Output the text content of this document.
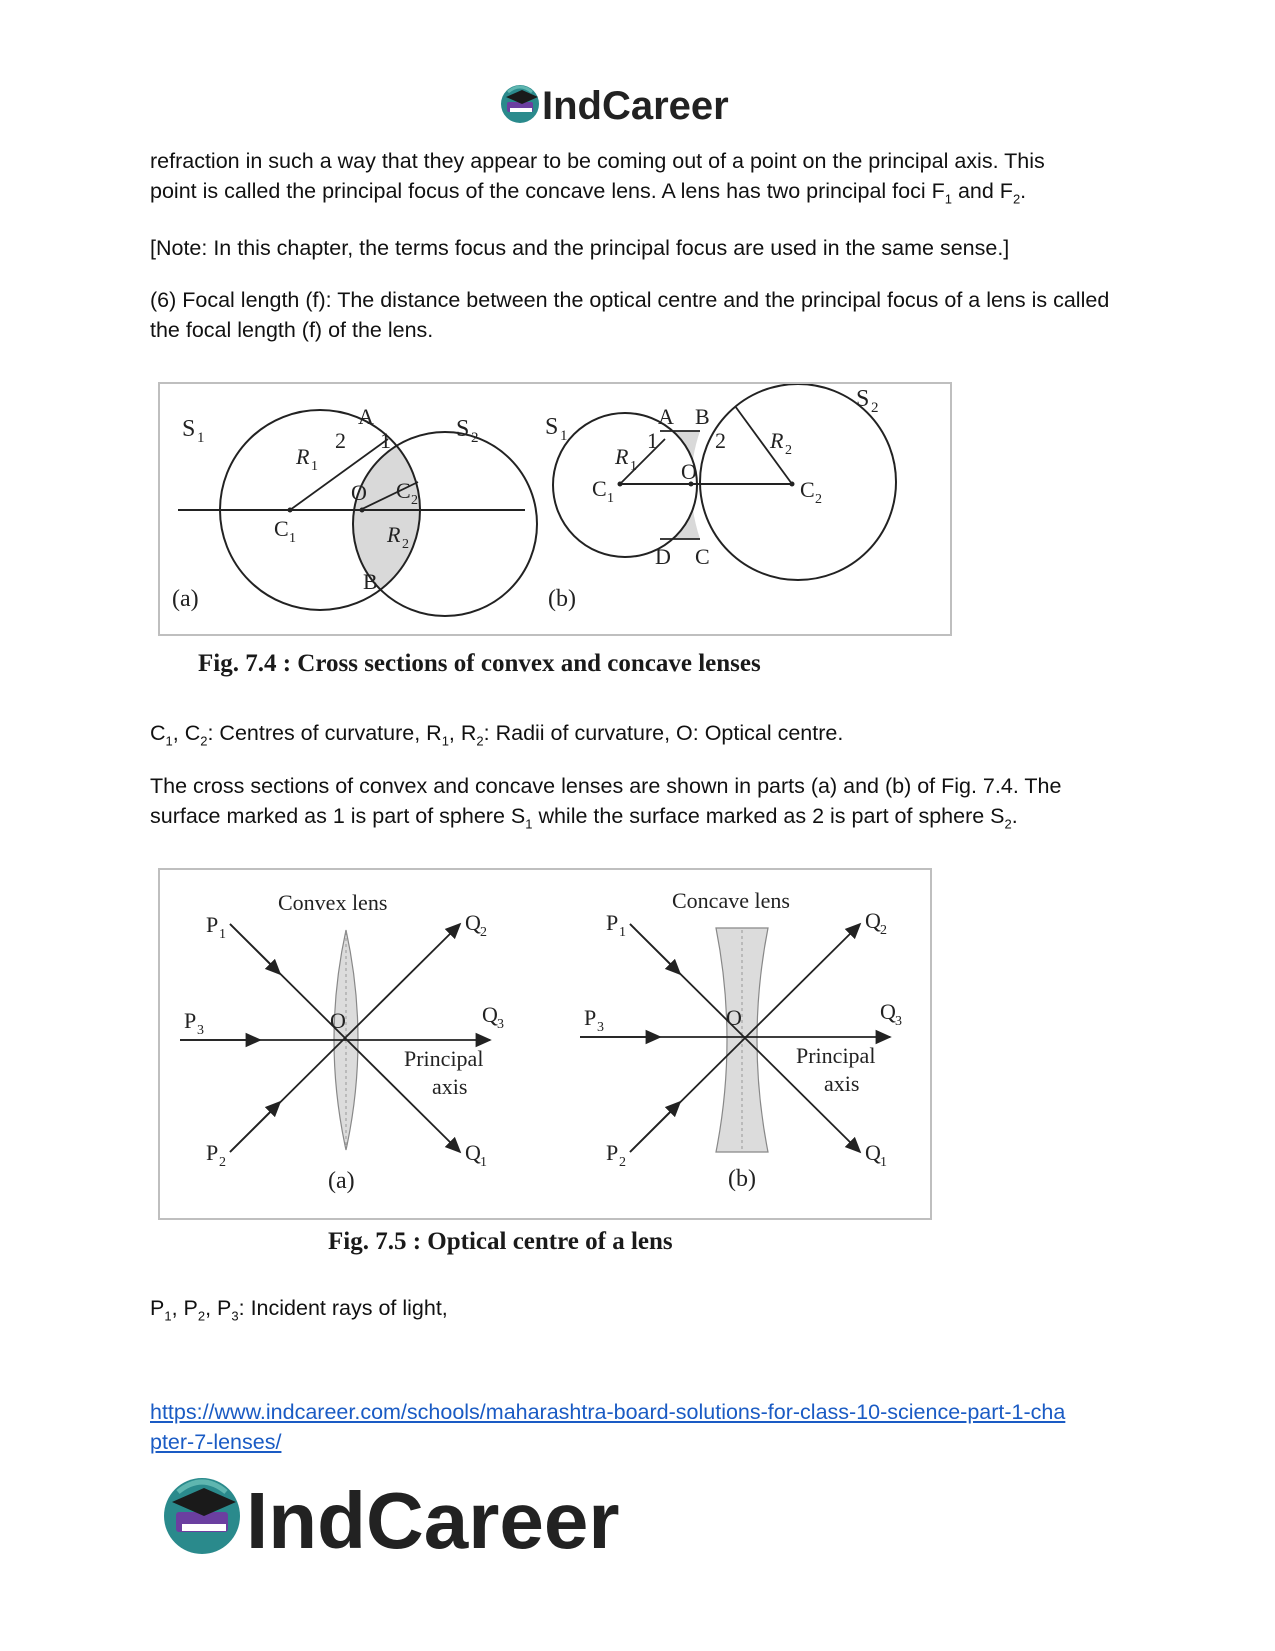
IndCareer

refraction in such a way that they appear to be coming out of a point on the principal axis. This
point is called the principal focus of the concave lens. A lens has two principal foci $F_1$ and $F_2$.

[Note: In this chapter, the terms focus and the principal focus are used in the same sense.]

(6) Focal length (f): The distance between the optical centre and the principal focus of a lens is called the focal length (f) of the lens.

S 1
A	S 2
2 1
R 1
O C 2
C 1	R 2
B
(a)
S 1
A B
S 2
1	2
R 1
R 2
O
C 1	C 2
D C
(b)
Fig. 7.4 : Cross sections of convex and concave lenses

$C_1$, $C_2$: Centres of curvature, $R_1$, $R_2$: Radii of curvature, O: Optical centre.

The cross sections of convex and concave lenses are shown in parts (a) and (b) of Fig. 7.4. The
surface marked as 1 is part of sphere $S_1$ while the surface marked as 2 is part of sphere $S_2$.

Convex lens
P 1	Q 2
P 3	O	Q 3
Principal
axis
P 2	Q 1
(a)
Concave lens
P 1	Q 2
P 3	O	Q 3
Principal
axis
P 2	Q 1
(b)
Fig. 7.5 : Optical centre of a lens

$P_1$, $P_2$, $P_3$: Incident rays of light,

https://www.indcareer.com/schools/maharashtra-board-solutions-for-class-10-science-part-1-cha
pter-7-lenses/
IndCareer
